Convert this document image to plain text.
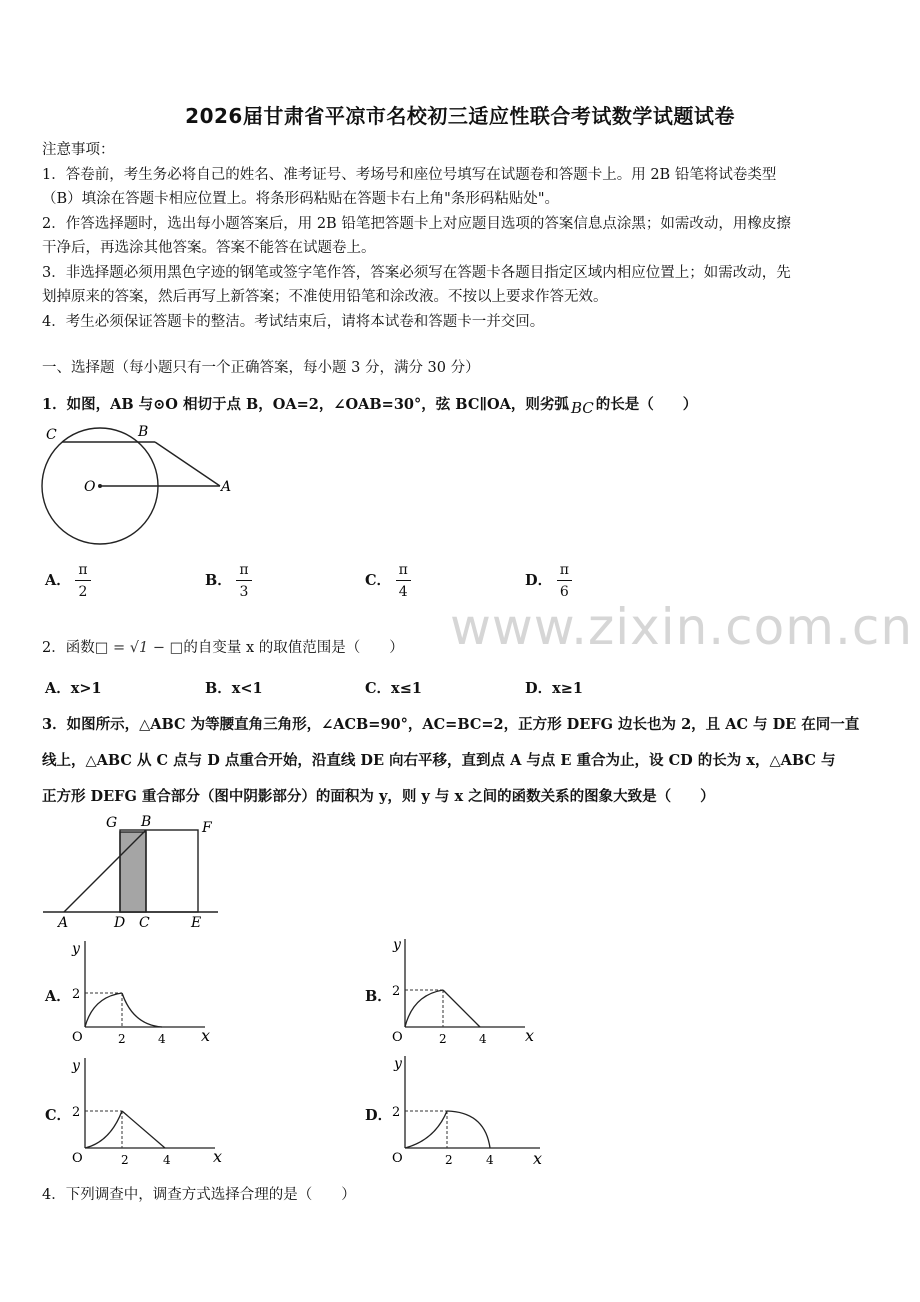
2026届甘肃省平凉市名校初三适应性联合考试数学试题试卷
注意事项：
1．答卷前，考生务必将自己的姓名、准考证号、考场号和座位号填写在试题卷和答题卡上。用 2B 铅笔将试卷类型
（B）填涂在答题卡相应位置上。将条形码粘贴在答题卡右上角"条形码粘贴处"。
2．作答选择题时，选出每小题答案后，用 2B 铅笔把答题卡上对应题目选项的答案信息点涂黑；如需改动，用橡皮擦
干净后，再选涂其他答案。答案不能答在试题卷上。
3．非选择题必须用黑色字迹的钢笔或签字笔作答，答案必须写在答题卡各题目指定区域内相应位置上；如需改动，先
划掉原来的答案，然后再写上新答案；不准使用铅笔和涂改液。不按以上要求作答无效。
4．考生必须保证答题卡的整洁。考试结束后，请将本试卷和答题卡一并交回。
一、选择题（每小题只有一个正确答案，每小题 3 分，满分 30 分）
1．如图，AB 与⊙O 相切于点 B，OA=2，∠OAB=30°，弦 BC∥OA，则劣弧 BC 的长是（　　）
C	B
O	A
A． $\frac{\pi}{2}$	B． $\frac{\pi}{3}$	C． $\frac{\pi}{4}$	D． $\frac{\pi}{6}$
2．函数□ = √1 − □的自变量 x 的取值范围是（　　）
A．x>1	B．x<1	C．x≤1	D．x≥1
3．如图所示，△ABC 为等腰直角三角形，∠ACB=90°，AC=BC=2，正方形 DEFG 边长也为 2，且 AC 与 DE 在同一直
线上，△ABC 从 C 点与 D 点重合开始，沿直线 DE 向右平移，直到点 A 与点 E 重合为止，设 CD 的长为 x，△ABC 与
正方形 DEFG 重合部分（图中阴影部分）的面积为 y，则 y 与 x 之间的函数关系的图象大致是（　　）
G B	F
A	D C	E
A．
y
x
O
2
2	4
B．
y
x
O
2
2	4
C．
y
x
O
2
2	4
D．
y
x
O
2
2	4
4．下列调查中，调查方式选择合理的是（　　）
www.zixin.com.cn
